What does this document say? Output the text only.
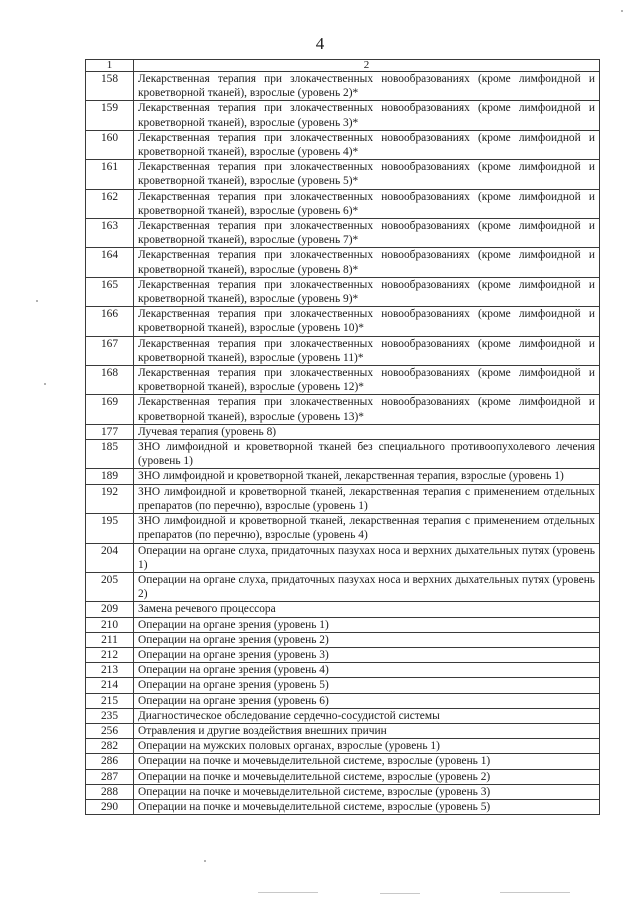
4
1	2
158	Лекарственная терапия при злокачественных новообразованиях (кроме лимфоидной и кроветворной тканей), взрослые (уровень 2)*
159	Лекарственная терапия при злокачественных новообразованиях (кроме лимфоидной и кроветворной тканей), взрослые (уровень 3)*
160	Лекарственная терапия при злокачественных новообразованиях (кроме лимфоидной и кроветворной тканей), взрослые (уровень 4)*
161	Лекарственная терапия при злокачественных новообразованиях (кроме лимфоидной и кроветворной тканей), взрослые (уровень 5)*
162	Лекарственная терапия при злокачественных новообразованиях (кроме лимфоидной и кроветворной тканей), взрослые (уровень 6)*
163	Лекарственная терапия при злокачественных новообразованиях (кроме лимфоидной и кроветворной тканей), взрослые (уровень 7)*
164	Лекарственная терапия при злокачественных новообразованиях (кроме лимфоидной и кроветворной тканей), взрослые (уровень 8)*
165	Лекарственная терапия при злокачественных новообразованиях (кроме лимфоидной и кроветворной тканей), взрослые (уровень 9)*
166	Лекарственная терапия при злокачественных новообразованиях (кроме лимфоидной и кроветворной тканей), взрослые (уровень 10)*
167	Лекарственная терапия при злокачественных новообразованиях (кроме лимфоидной и кроветворной тканей), взрослые (уровень 11)*
168	Лекарственная терапия при злокачественных новообразованиях (кроме лимфоидной и кроветворной тканей), взрослые (уровень 12)*
169	Лекарственная терапия при злокачественных новообразованиях (кроме лимфоидной и кроветворной тканей), взрослые (уровень 13)*
177	Лучевая терапия (уровень 8)
185	ЗНО лимфоидной и кроветворной тканей без специального противоопухолевого лечения (уровень 1)
189	ЗНО лимфоидной и кроветворной тканей, лекарственная терапия, взрослые (уровень 1)
192	ЗНО лимфоидной и кроветворной тканей, лекарственная терапия с применением отдельных препаратов (по перечню), взрослые (уровень 1)
195	ЗНО лимфоидной и кроветворной тканей, лекарственная терапия с применением отдельных препаратов (по перечню), взрослые (уровень 4)
204	Операции на органе слуха, придаточных пазухах носа и верхних дыхательных путях (уровень 1)
205	Операции на органе слуха, придаточных пазухах носа и верхних дыхательных путях (уровень 2)
209	Замена речевого процессора
210	Операции на органе зрения (уровень 1)
211	Операции на органе зрения (уровень 2)
212	Операции на органе зрения (уровень 3)
213	Операции на органе зрения (уровень 4)
214	Операции на органе зрения (уровень 5)
215	Операции на органе зрения (уровень 6)
235	Диагностическое обследование сердечно-сосудистой системы
256	Отравления и другие воздействия внешних причин
282	Операции на мужских половых органах, взрослые (уровень 1)
286	Операции на почке и мочевыделительной системе, взрослые (уровень 1)
287	Операции на почке и мочевыделительной системе, взрослые (уровень 2)
288	Операции на почке и мочевыделительной системе, взрослые (уровень 3)
290	Операции на почке и мочевыделительной системе, взрослые (уровень 5)
